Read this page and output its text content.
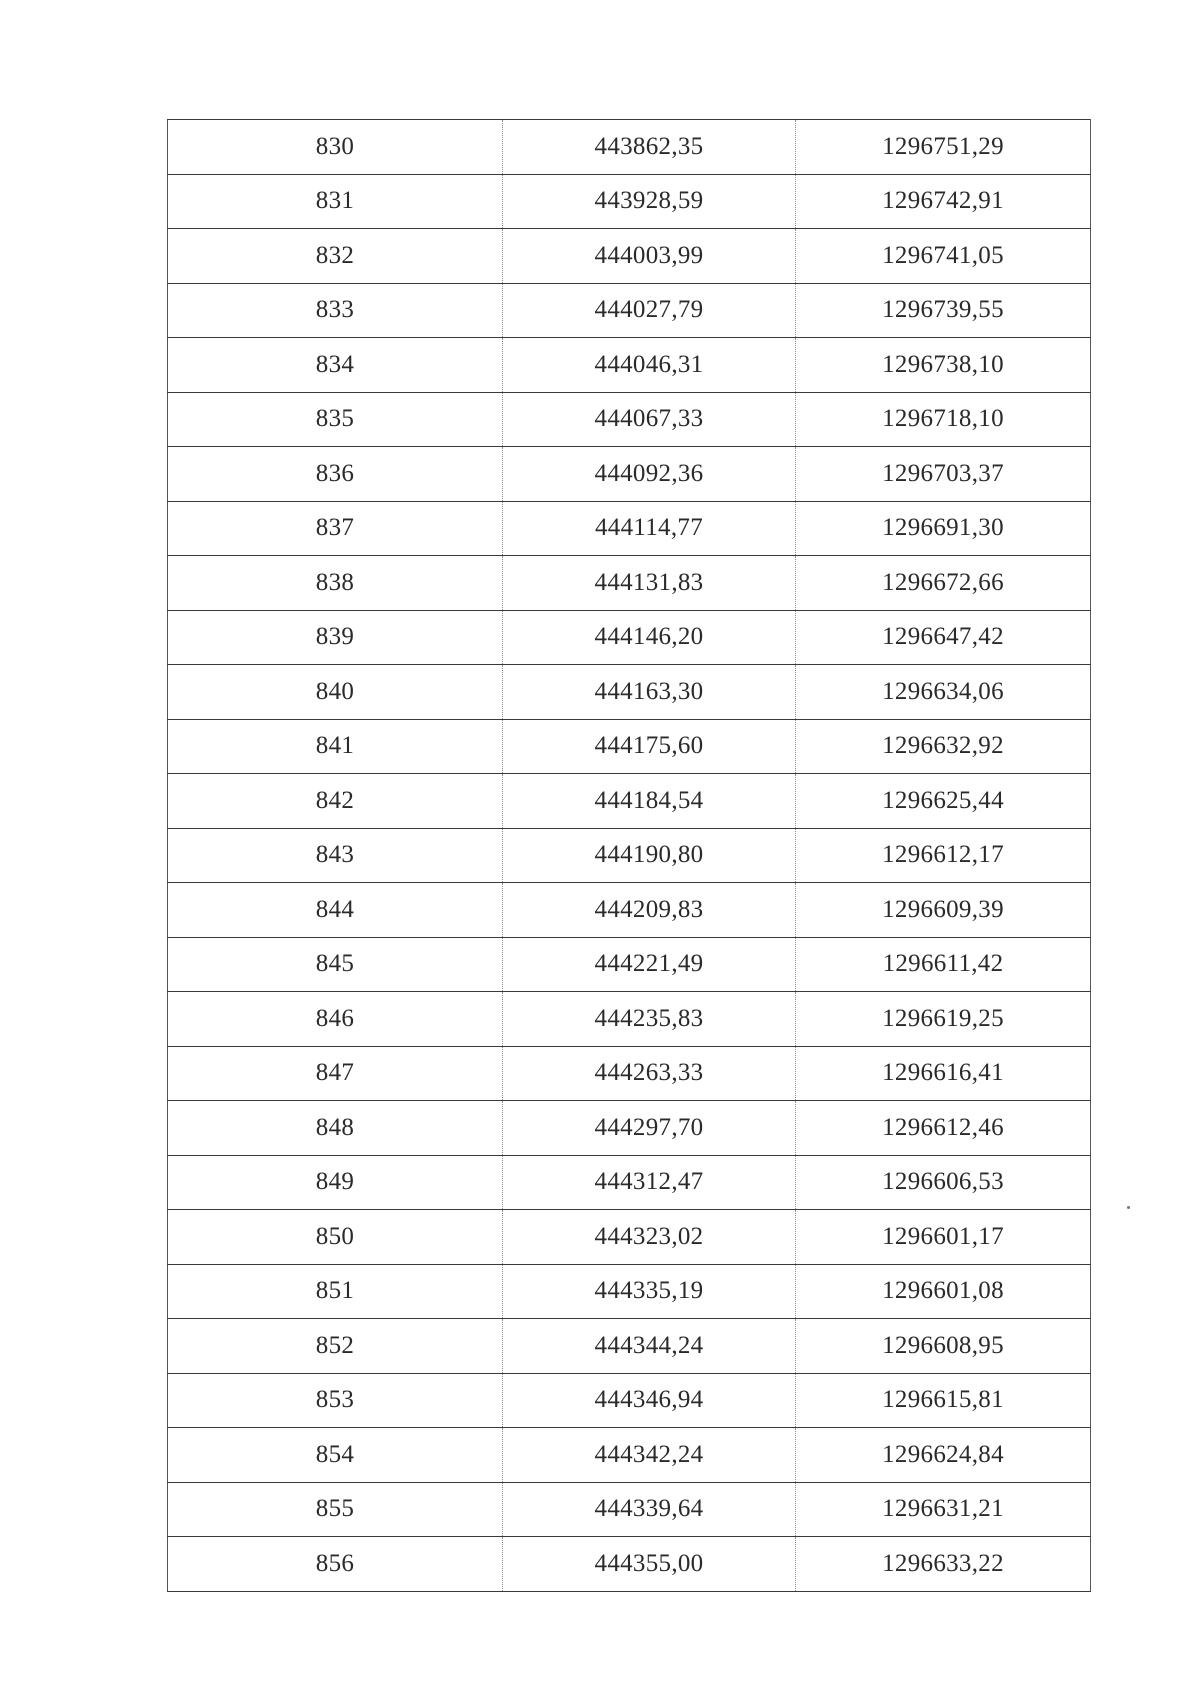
830	443862,35	1296751,29
831	443928,59	1296742,91
832	444003,99	1296741,05
833	444027,79	1296739,55
834	444046,31	1296738,10
835	444067,33	1296718,10
836	444092,36	1296703,37
837	444114,77	1296691,30
838	444131,83	1296672,66
839	444146,20	1296647,42
840	444163,30	1296634,06
841	444175,60	1296632,92
842	444184,54	1296625,44
843	444190,80	1296612,17
844	444209,83	1296609,39
845	444221,49	1296611,42
846	444235,83	1296619,25
847	444263,33	1296616,41
848	444297,70	1296612,46
849	444312,47	1296606,53
850	444323,02	1296601,17
851	444335,19	1296601,08
852	444344,24	1296608,95
853	444346,94	1296615,81
854	444342,24	1296624,84
855	444339,64	1296631,21
856	444355,00	1296633,22
